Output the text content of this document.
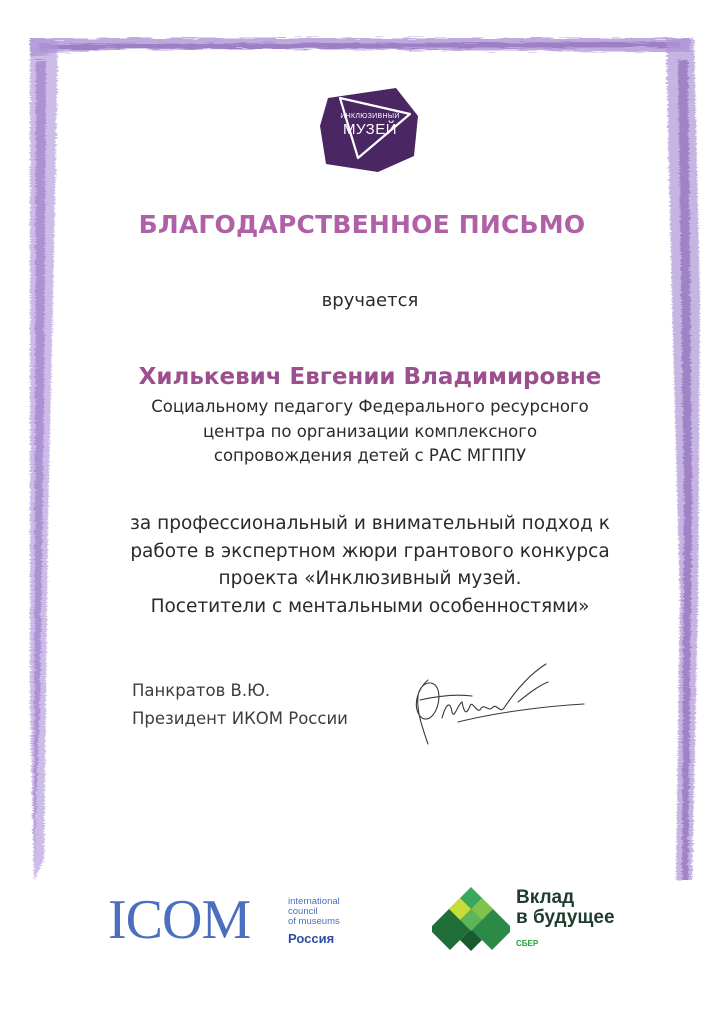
ИНКЛЮЗИВНЫЙ
МУЗЕЙ
БЛАГОДАРСТВЕННОЕ ПИСЬМО
вручается
Хилькевич Евгении Владимировне
Социальному педагогу Федерального ресурсного
центра по организации комплексного
сопровождения детей с РАС МГППУ
за профессиональный и внимательный подход к
работе в экспертном жюри грантового конкурса
проекта «Инклюзивный музей.
Посетители с ментальными особенностями»
Панкратов В.Ю.
Президент ИКОМ России
ICOM	international
council
of museums
Россия
Вклад
в будущее
СБЕР
